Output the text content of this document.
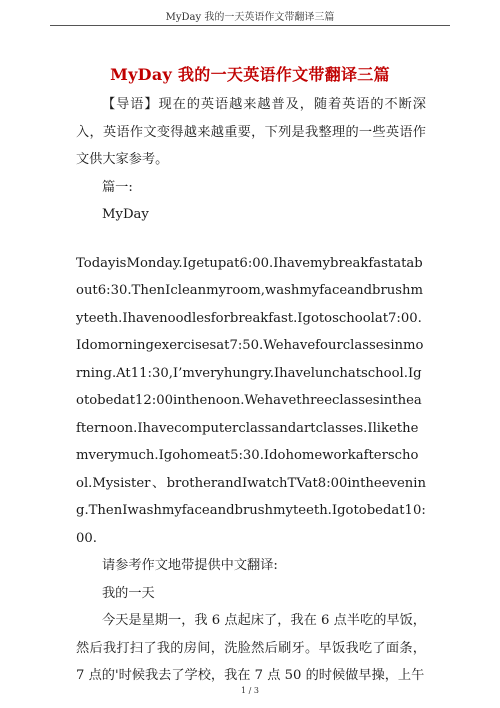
MyDay 我的一天英语作文带翻译三篇
MyDay 我的一天英语作文带翻译三篇

【导语】现在的英语越来越普及，随着英语的不断深入，英语作文变得越来越重要，下列是我整理的一些英语作文供大家参考。

篇一:

MyDay

TodayisMonday.Igetupat6:00.Ihavemybreakfastatabout6:30.ThenIcleanmyroom,washmyfaceandbrushmyteeth.Ihavenoodlesforbreakfast.Igotoschoolat7:00.Idomorningexercisesat7:50.Wehavefourclassesinmorning.At11:30,I’mveryhungry.Ihavelunchatschool.Igotobedat12:00inthenoon.Wehavethreeclassesintheafternoon.Ihavecomputerclassandartclasses.Ilikethemverymuch.Igohomeat5:30.Idohomeworkafterschool.Mysister、brotherandIwatchTVat8:00intheevening.ThenIwashmyfaceandbrushmyteeth.Igotobedat10:00.

请参考作文地带提供中文翻译:

我的一天

今天是星期一，我 6 点起床了，我在 6 点半吃的早饭，然后我打扫了我的房间，洗脸然后刷牙。早饭我吃了面条，7 点的'时候我去了学校，我在 7 点 50 的时候做早操，上午

1 / 3
